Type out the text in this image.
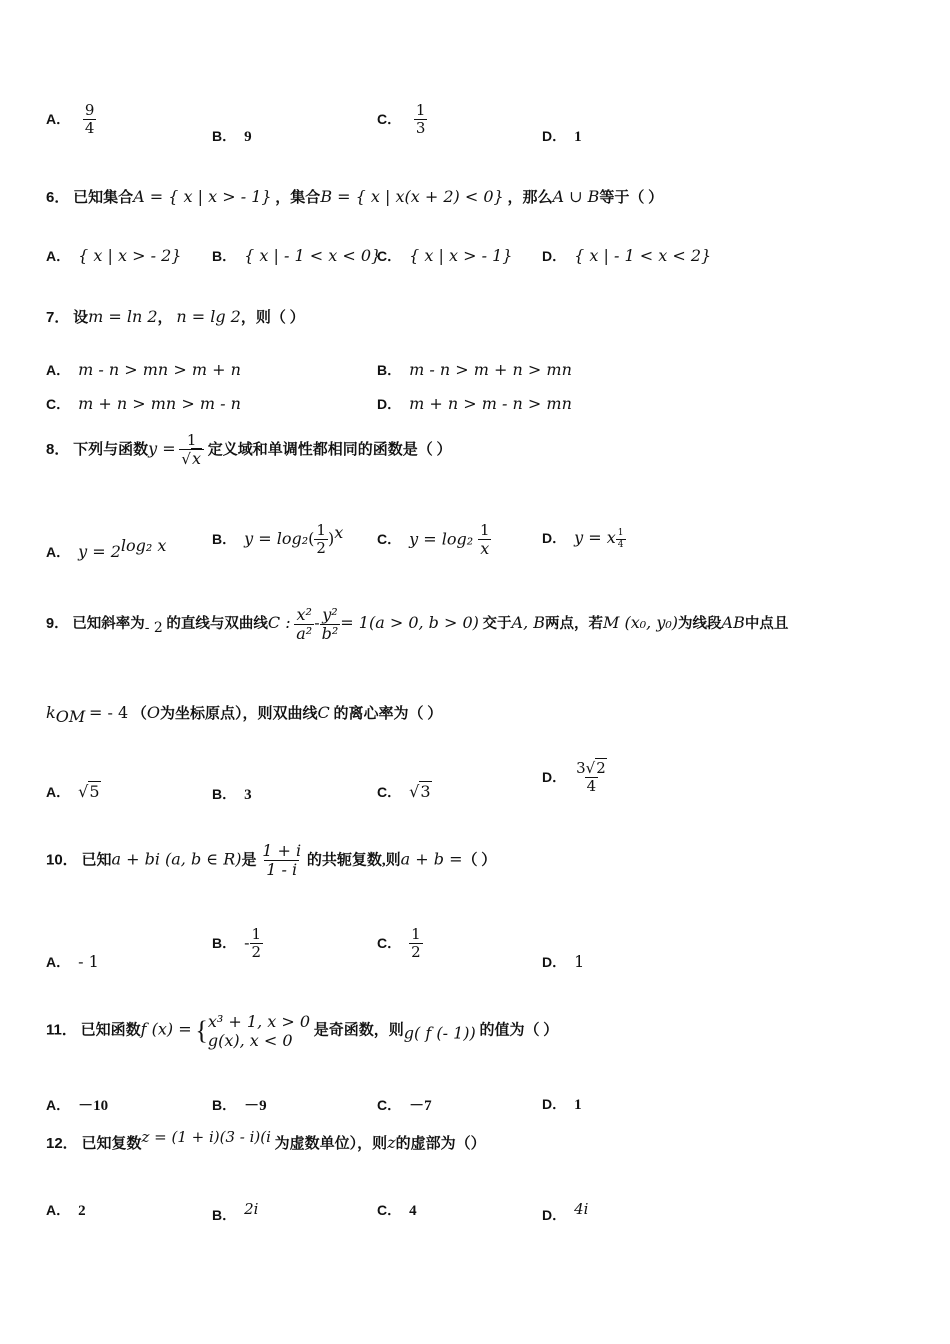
A． $\frac{9}{4}$	B． 9
C． $\frac{1}{3}$	D． 1
6． 已知集合A = { x | x > - 1} ，集合B = { x | x(x + 2) < 0} ，那么A ∪ B等于（ ）
A． { x | x > - 2} B． { x | - 1 < x < 0}
C． { x | x > - 1} D． { x | - 1 < x < 2}
7． 设m = ln 2， n = lg 2，则（ ）
A． m - n > mn > m + n	B． m - n > m + n > mn
C． m + n > mn > m - n	D． m + n > m - n > mn
8． 下列与函数$y = \frac{1}{√x}$ 定义域和单调性都相同的函数是（ ）
A． $y = 2^{log_2 x}$	B． $y = \log_2( \frac{1}{2} )^x$ C． $y = \log_2 \frac{1}{x}$	D． y = x $\frac{1}{4}$
9． 已知斜率为$_{- 2}$ 的直线与双曲线C : $\frac{\text{x²}}{\text{a²}} - \frac{\text{y²}}{\text{b²}} = 1(a > 0$, b > 0) 交于A, B两点，若M (x₀, y₀)为线段AB中点且
$k_{OM}$ = - 4 （O为坐标原点），则双曲线C 的离心率为（ ）
A． √5	B． 3	C． √3
D． $\frac{3√2}{4}$
10． 已知a + bi (a, b ∈ R)是 $\frac{1 + i}{1 - i}$ 的共轭复数,则a + b =（ ）
A． - 1
B． - $\frac{1}{2}$	C． $\frac{1}{2}$
D． 1
11． 已知函数f (x) = { x³ + 1, x > 0
g(x), x < 0
是奇函数，则$_{g( f (- 1))}$ 的值为（ ）
A． －10	B． －9	C． －7	D． 1
12． 已知复数$^{z = (1 + i)(3 - i)(i}$ 为虚数单位），则z的虚部为（）
A． 2	B． $^{2i}$	C． 4	D． $^{4i}$
